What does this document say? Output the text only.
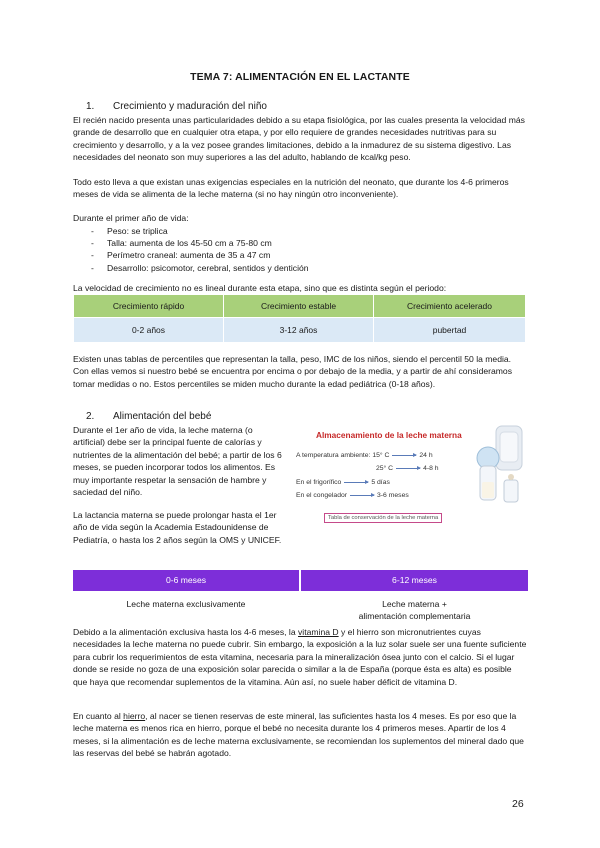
TEMA 7: ALIMENTACIÓN EN EL LACTANTE
1. Crecimiento y maduración del niño

El recién nacido presenta unas particularidades debido a su etapa fisiológica, por las cuales presenta la velocidad más grande de desarrollo que en cualquier otra etapa, y por ello requiere de grandes necesidades nutritivas para su crecimiento y desarrollo, y a la vez posee grandes limitaciones, debido a la inmadurez de su sistema digestivo. Las necesidades del neonato son muy superiores a las del adulto, hablando de kcal/kg peso.

Todo esto lleva a que existan unas exigencias especiales en la nutrición del neonato, que durante los 4-6 primeros meses de vida se alimenta de la leche materna (si no hay ningún otro inconveniente).

Durante el primer año de vida:

- Peso: se triplica
- Talla: aumenta de los 45-50 cm a 75-80 cm
- Perímetro craneal: aumenta de 35 a 47 cm
- Desarrollo: psicomotor, cerebral, sentidos y dentición

La velocidad de crecimiento no es lineal durante esta etapa, sino que es distinta según el periodo:

Crecimiento rápido	Crecimiento estable	Crecimiento acelerado
0-2 años	3-12 años	pubertad

Existen unas tablas de percentiles que representan la talla, peso, IMC de los niños, siendo el percentil 50 la media. Con ellas vemos si nuestro bebé se encuentra por encima o por debajo de la media, y a partir de ahí consideramos tomar medidas o no. Estos percentiles se miden mucho durante la edad pediátrica (0-18 años).

2. Alimentación del bebé

Durante el 1er año de vida, la leche materna (o artificial) debe ser la principal fuente de calorías y nutrientes de la alimentación del bebé; a partir de los 6 meses, se pueden incorporar todos los alimentos. Es muy importante respetar la sensación de hambre y saciedad del niño.

La lactancia materna se puede prolongar hasta el 1er año de vida según la Academia Estadounidense de Pediatría, o hasta los 2 años según la OMS y UNICEF.

Almacenamiento de la leche materna
A temperatura ambiente: 15° C	24 h
25° C	4-8 h
En el frigorífico	5 días
En el congelador	3-6 meses
Tabla de conservación de la leche materna
0-6 meses	6-12 meses

Leche materna exclusivamente	Leche materna +

alimentación complementaria

Debido a la alimentación exclusiva hasta los 4-6 meses, la vitamina D y el hierro son micronutrientes cuyas necesidades la leche materna no puede cubrir. Sin embargo, la exposición a la luz solar suele ser una fuente suficiente para cubrir los requerimientos de esta vitamina, necesaria para la mineralización ósea junto con el calcio. Si el lugar donde se reside no goza de una exposición solar parecida o similar a la de España (porque ésta es alta) es posible que haya que recomendar suplementos de la vitamina. Aún así, no suele haber déficit de vitamina D.

En cuanto al hierro, al nacer se tienen reservas de este mineral, las suficientes hasta los 4 meses. Es por eso que la leche materna es menos rica en hierro, porque el bebé no necesita durante los 4 primeros meses. Apartir de los 4 meses, si la alimentación es de leche materna exclusivamente, se recomiendan los suplementos del mineral dado que las reservas del bebé se habrán agotado.

26
